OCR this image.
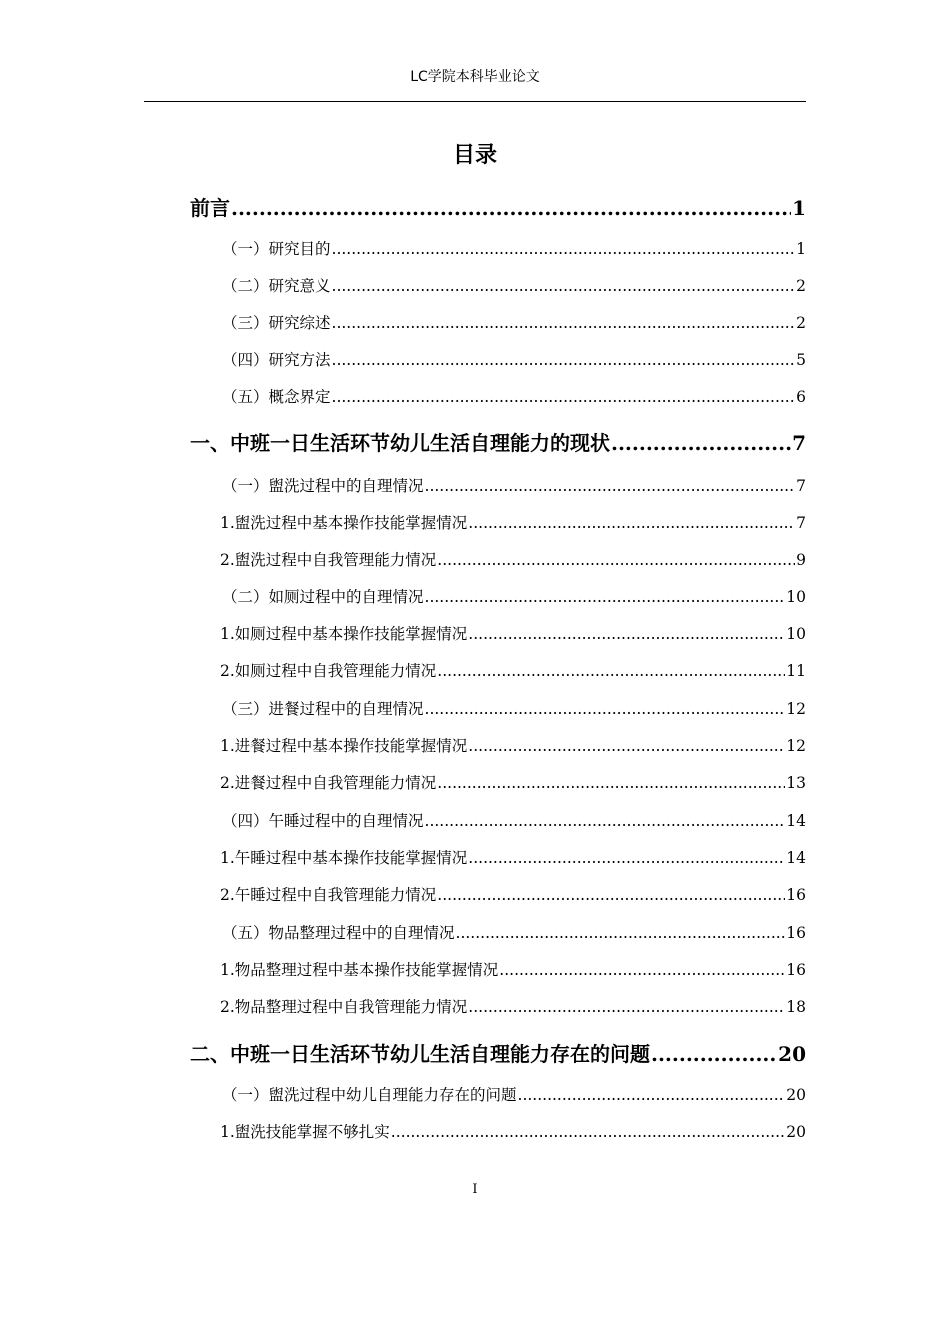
LC学院本科毕业论文
目录
前言 .....	1
（一）研究目的 .....	1
（二）研究意义 .....	2
（三）研究综述 .....	2
（四）研究方法 .....	5
（五）概念界定 .....	6
一、中班一日生活环节幼儿生活自理能力的现状 .....	7
（一）盥洗过程中的自理情况 .....	7
1.盥洗过程中基本操作技能掌握情况 .....	7
2.盥洗过程中自我管理能力情况 .....	9
（二）如厕过程中的自理情况 .....	10
1.如厕过程中基本操作技能掌握情况 .....	10
2.如厕过程中自我管理能力情况 .....	11
（三）进餐过程中的自理情况 .....	12
1.进餐过程中基本操作技能掌握情况 .....	12
2.进餐过程中自我管理能力情况 .....	13
（四）午睡过程中的自理情况 .....	14
1.午睡过程中基本操作技能掌握情况 .....	14
2.午睡过程中自我管理能力情况 .....	16
（五）物品整理过程中的自理情况 .....	16
1.物品整理过程中基本操作技能掌握情况 .....	16
2.物品整理过程中自我管理能力情况 .....	18
二、中班一日生活环节幼儿生活自理能力存在的问题 .....	20
（一）盥洗过程中幼儿自理能力存在的问题 .....	20
1.盥洗技能掌握不够扎实 .....	20
I
